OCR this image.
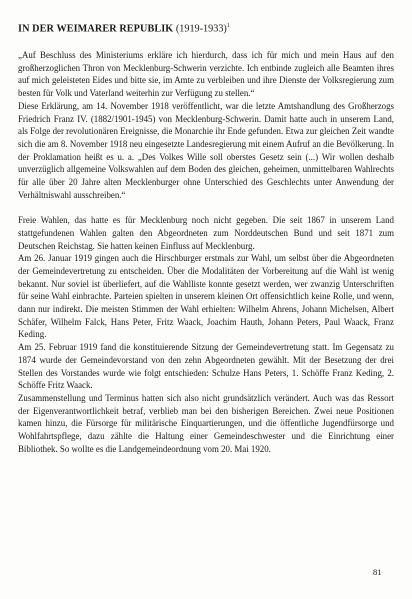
IN DER WEIMARER REPUBLIK (1919-1933)$^1$

„Auf Beschluss des Ministeriums erkläre ich hierdurch, dass ich für mich und mein Haus auf den großherzoglichen Thron von Mecklenburg-Schwerin verzichte. Ich entbinde zugleich alle Beamten ihres auf mich geleisteten Eides und bitte sie, im Amte zu verbleiben und ihre Dienste der Volksregierung zum besten für Volk und Vaterland weiterhin zur Verfügung zu stellen.“

Diese Erklärung, am 14. November 1918 veröffentlicht, war die letzte Amtshandlung des Großherzogs Friedrich Franz IV. (1882/1901-1945) von Mecklenburg-Schwerin. Damit hatte auch in unserem Land, als Folge der revolutionären Ereignisse, die Monarchie ihr Ende gefunden. Etwa zur gleichen Zeit wandte sich die am 8. November 1918 neu eingesetzte Landesregierung mit einem Aufruf an die Bevölkerung. In der Proklamation heißt es u. a. „Des Volkes Wille soll oberstes Gesetz sein (...) Wir wollen deshalb unverzüglich allgemeine Volkswahlen auf dem Boden des gleichen, geheimen, unmittelbaren Wahlrechts für alle über 20 Jahre alten Mecklenburger ohne Unterschied des Geschlechts unter Anwendung der Verhältniswahl ausschreiben.“

Freie Wahlen, das hatte es für Mecklenburg noch nicht gegeben. Die seit 1867 in unserem Land stattgefundenen Wahlen galten den Abgeordneten zum Norddeutschen Bund und seit 1871 zum Deutschen Reichstag. Sie hatten keinen Einfluss auf Mecklenburg.

Am 26. Januar 1919 gingen auch die Hirschburger erstmals zur Wahl, um selbst über die Abgeordneten der Gemeindevertretung zu entscheiden. Über die Modalitäten der Vorbereitung auf die Wahl ist wenig bekannt. Nur soviel ist überliefert, auf die Wahlliste konnte gesetzt werden, wer zwanzig Unterschriften für seine Wahl einbrachte. Parteien spielten in unserem kleinen Ort offensichtlich keine Rolle, und wenn, dann nur indirekt. Die meisten Stimmen der Wahl erhielten: Wilhelm Ahrens, Johann Michelsen, Albert Schäfer, Wilhelm Falck, Hans Peter, Fritz Waack, Joachim Hauth, Johann Peters, Paul Waack, Franz Keding.

Am 25. Februar 1919 fand die konstituierende Sitzung der Gemeindevertretung statt. Im Gegensatz zu 1874 wurde der Gemeindevorstand von den zehn Abgeordneten gewählt. Mit der Besetzung der drei Stellen des Vorstandes wurde wie folgt entschieden: Schulze Hans Peters, 1. Schöffe Franz Keding, 2. Schöffe Fritz Waack.

Zusammenstellung und Terminus hatten sich also nicht grundsätzlich verändert. Auch was das Ressort der Eigenverantwortlichkeit betraf, verblieb man bei den bisherigen Bereichen. Zwei neue Positionen kamen hinzu, die Fürsorge für militärische Einquartierungen, und die öffentliche Jugendfürsorge und Wohlfahrtspflege, dazu zählte die Haltung einer Gemeindeschwester und die Einrichtung einer Bibliothek. So wollte es die Landgemeindeordnung vom 20. Mai 1920.

81
